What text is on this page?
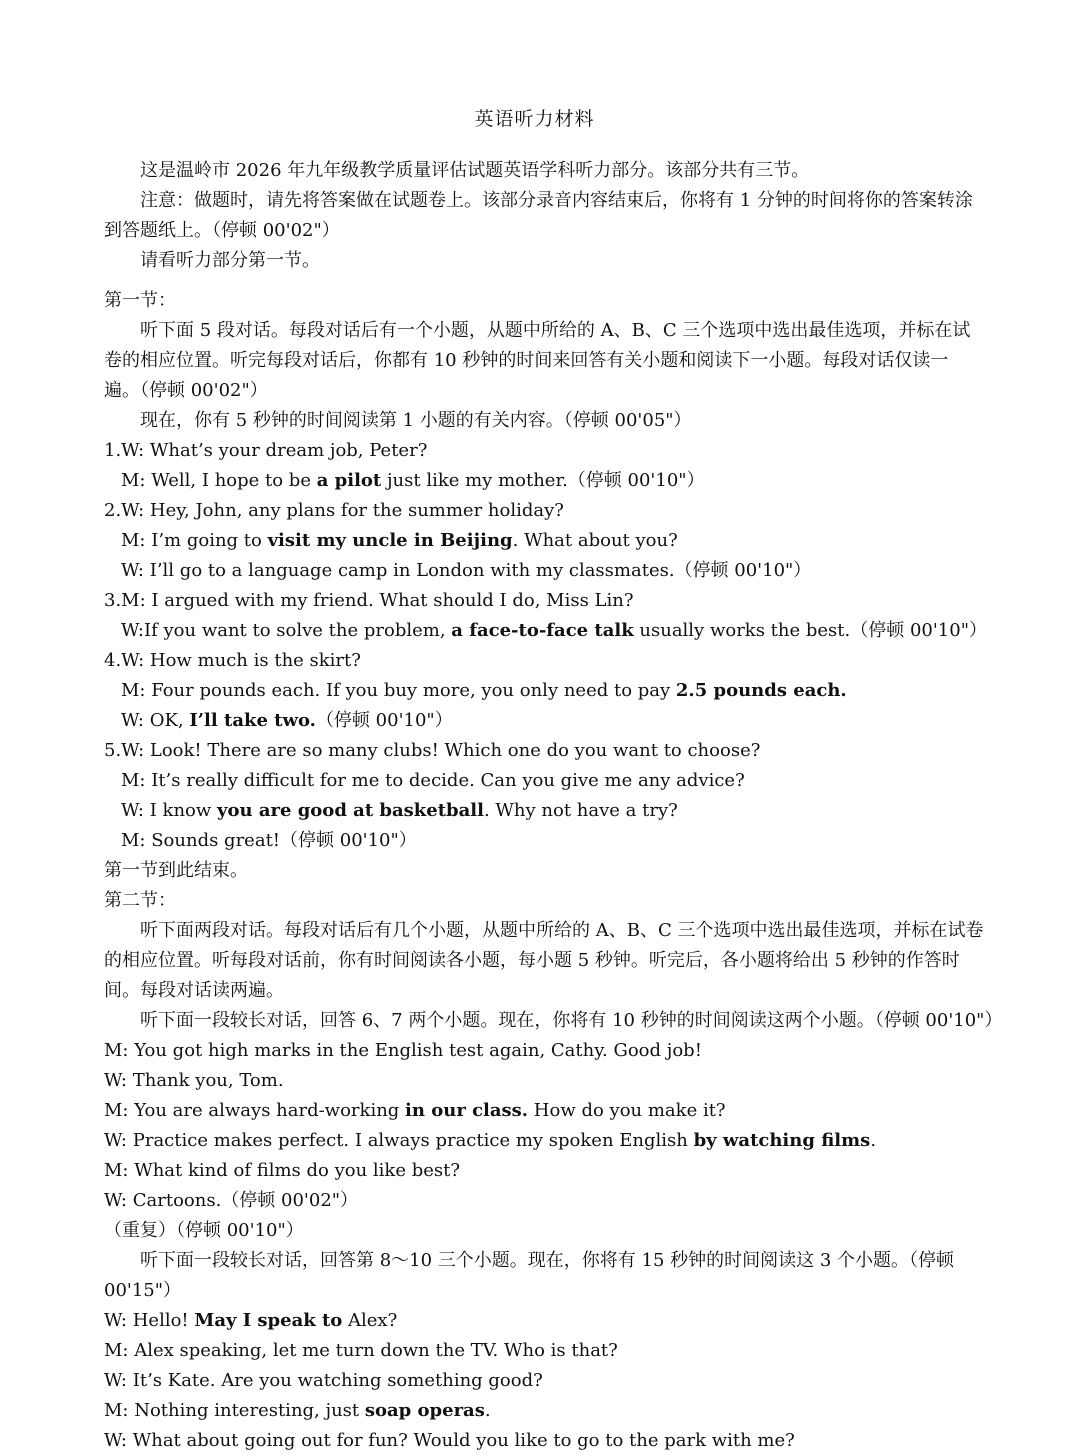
英语听力材料

这是温岭市 2026 年九年级教学质量评估试题英语学科听力部分。该部分共有三节。

注意：做题时，请先将答案做在试题卷上。该部分录音内容结束后，你将有 1 分钟的时间将你的答案转涂到答题纸上。（停顿 00'02"）

请看听力部分第一节。

第一节：

听下面 5 段对话。每段对话后有一个小题，从题中所给的 A、B、C 三个选项中选出最佳选项，并标在试卷的相应位置。听完每段对话后，你都有 10 秒钟的时间来回答有关小题和阅读下一小题。每段对话仅读一遍。（停顿 00'02"）

现在，你有 5 秒钟的时间阅读第 1 小题的有关内容。（停顿 00'05"）

1.W: What’s your dream job, Peter?

M: Well, I hope to be a pilot just like my mother.（停顿 00'10"）

2.W: Hey, John, any plans for the summer holiday?

M: I’m going to visit my uncle in Beijing. What about you?

W: I’ll go to a language camp in London with my classmates.（停顿 00'10"）

3.M: I argued with my friend. What should I do, Miss Lin?

W:If you want to solve the problem, a face-to-face talk usually works the best.（停顿 00'10"）

4.W: How much is the skirt?

M: Four pounds each. If you buy more, you only need to pay 2.5 pounds each.

W: OK, I’ll take two.（停顿 00'10"）

5.W: Look! There are so many clubs! Which one do you want to choose?

M: It’s really difficult for me to decide. Can you give me any advice?

W: I know you are good at basketball. Why not have a try?

M: Sounds great!（停顿 00'10"）

第一节到此结束。

第二节：

听下面两段对话。每段对话后有几个小题，从题中所给的 A、B、C 三个选项中选出最佳选项，并标在试卷的相应位置。听每段对话前，你有时间阅读各小题，每小题 5 秒钟。听完后，各小题将给出 5 秒钟的作答时间。每段对话读两遍。

听下面一段较长对话，回答 6、7 两个小题。现在，你将有 10 秒钟的时间阅读这两个小题。（停顿 00'10"）

M: You got high marks in the English test again, Cathy. Good job!

W: Thank you, Tom.

M: You are always hard-working in our class. How do you make it?

W: Practice makes perfect. I always practice my spoken English by watching films.

M: What kind of films do you like best?

W: Cartoons.（停顿 00'02"）

（重复）（停顿 00'10"）

听下面一段较长对话，回答第 8～10 三个小题。现在，你将有 15 秒钟的时间阅读这 3 个小题。（停顿 00'15"）

W: Hello! May I speak to Alex?

M: Alex speaking, let me turn down the TV. Who is that?

W: It’s Kate. Are you watching something good?

M: Nothing interesting, just soap operas.

W: What about going out for fun? Would you like to go to the park with me?
